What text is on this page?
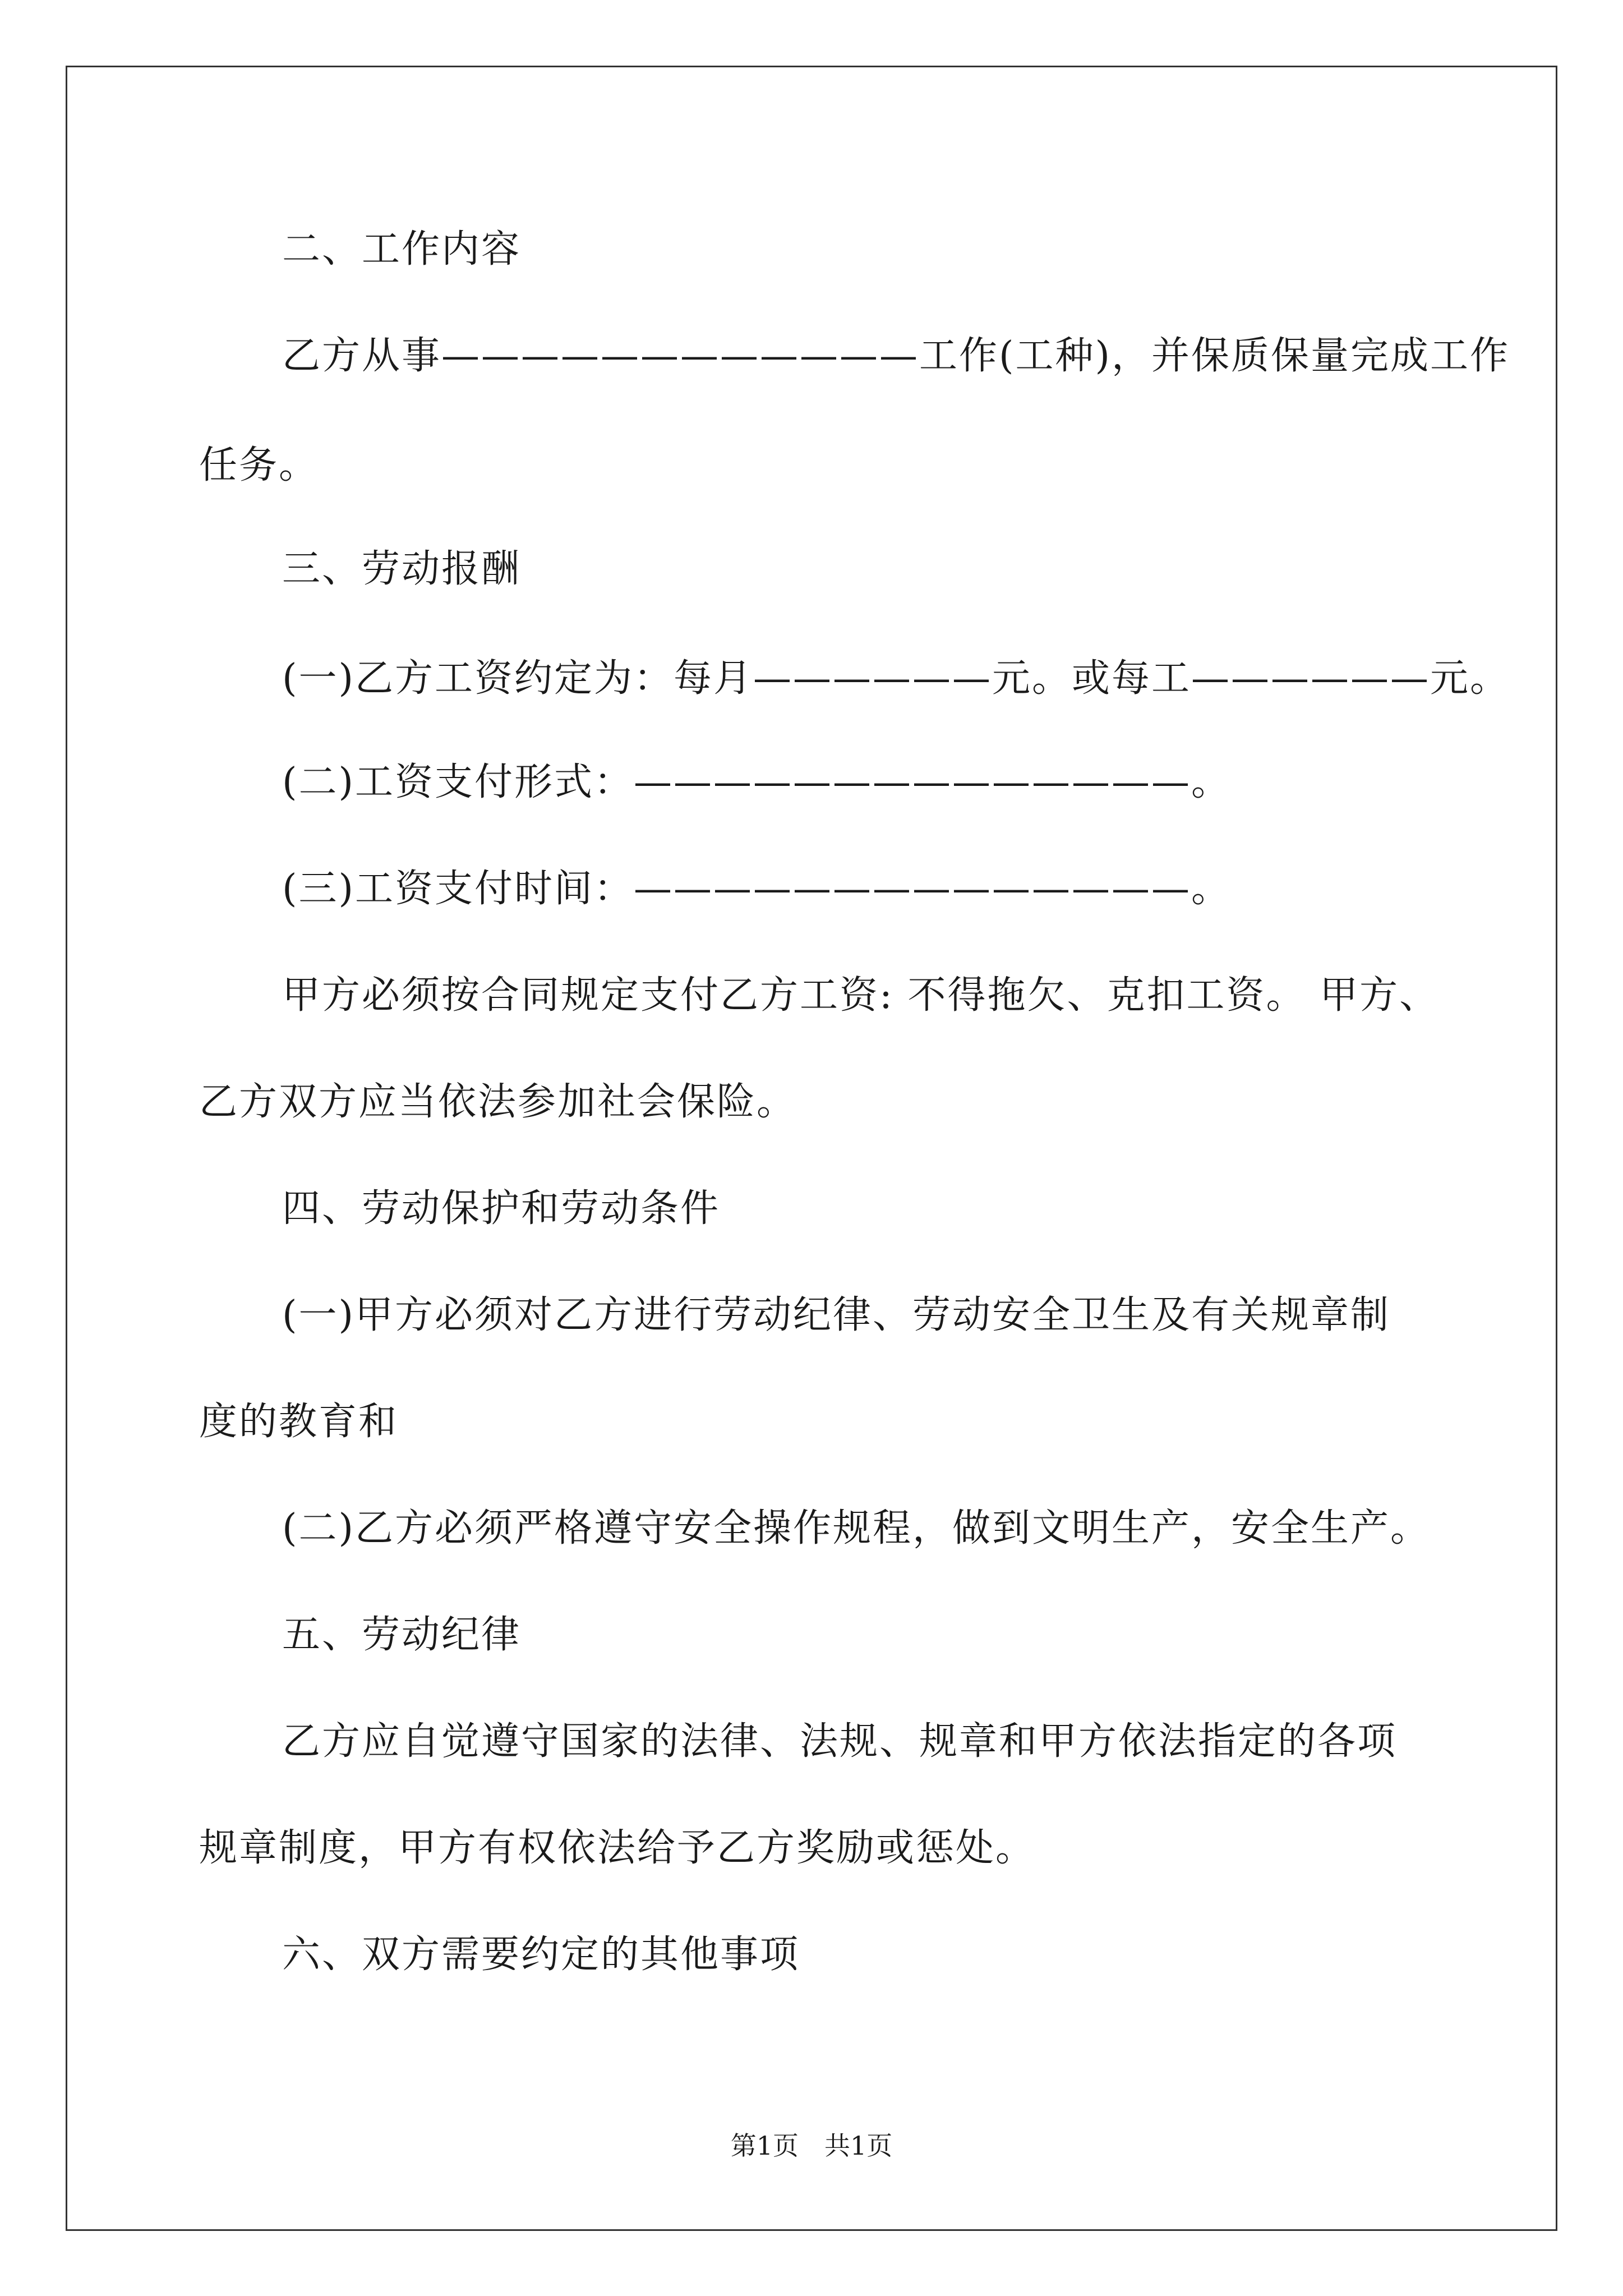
二、工作内容
乙方从事————————————工作(工种)，并保质保量完成工作
任务。
三、劳动报酬
(一)乙方工资约定为：每月——————元。或每工——————元。
(二)工资支付形式：——————————————。
(三)工资支付时间：——————————————。
甲方必须按合同规定支付乙方工资: 不得拖欠、克扣工资。 甲方、
乙方双方应当依法参加社会保险。
四、劳动保护和劳动条件
(一)甲方必须对乙方进行劳动纪律、劳动安全卫生及有关规章制
度的教育和
(二)乙方必须严格遵守安全操作规程，做到文明生产，安全生产。
五、劳动纪律
乙方应自觉遵守国家的法律、法规、规章和甲方依法指定的各项
规章制度，甲方有权依法给予乙方奖励或惩处。
六、双方需要约定的其他事项
第1页　共1页
